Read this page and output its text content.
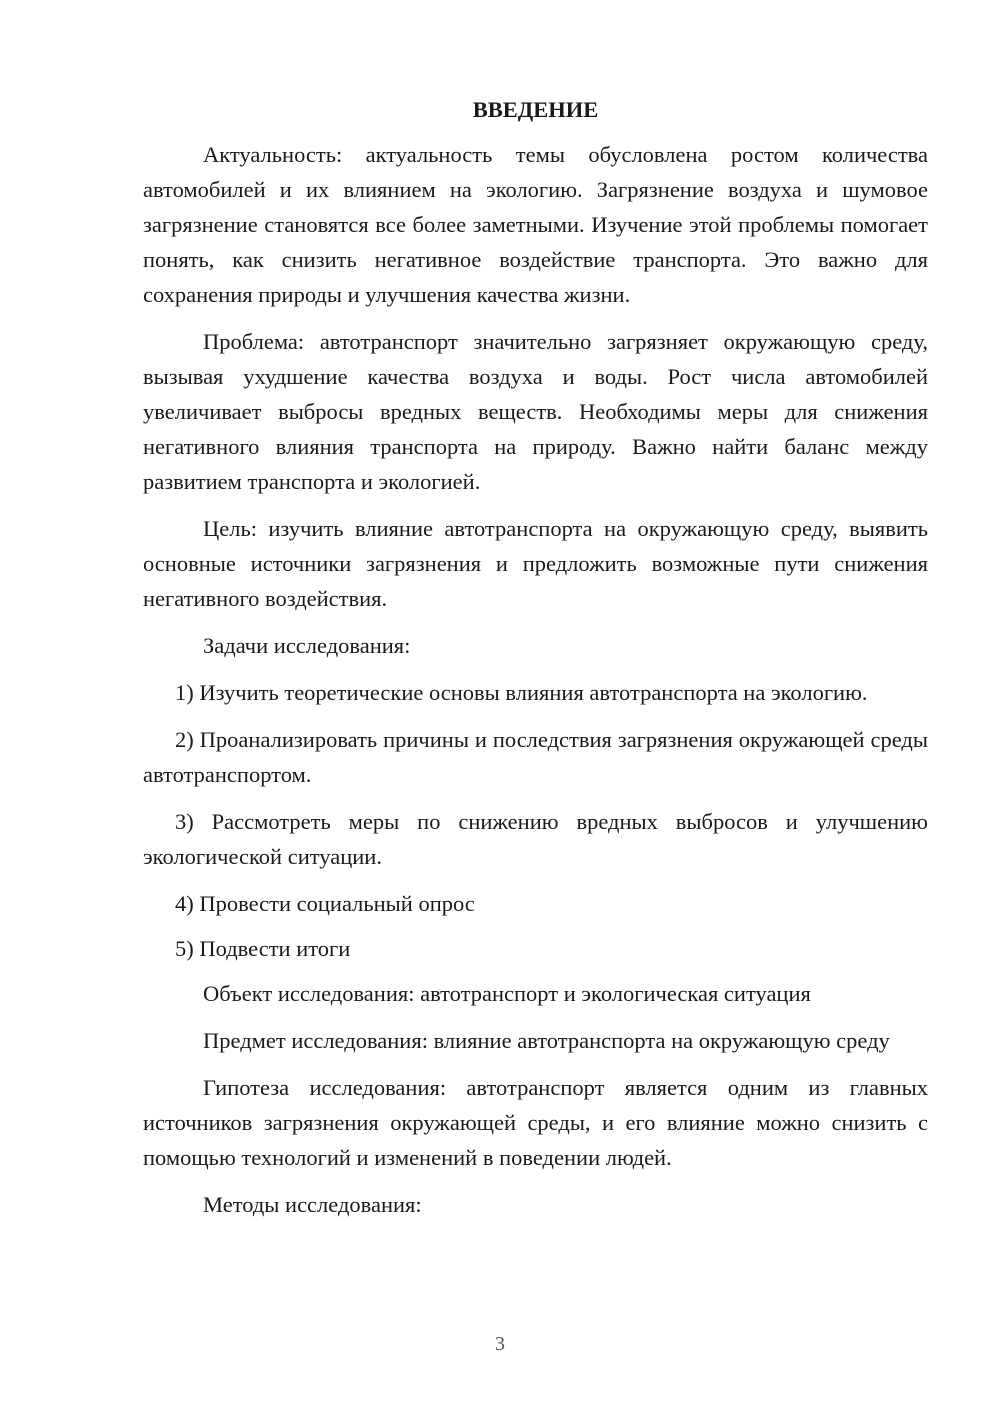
ВВЕДЕНИЕ

Актуальность: актуальность темы обусловлена ростом количества автомобилей и их влиянием на экологию. Загрязнение воздуха и шумовое загрязнение становятся все более заметными. Изучение этой проблемы помогает понять, как снизить негативное воздействие транспорта. Это важно для сохранения природы и улучшения качества жизни.

Проблема: автотранспорт значительно загрязняет окружающую среду, вызывая ухудшение качества воздуха и воды. Рост числа автомобилей увеличивает выбросы вредных веществ. Необходимы меры для снижения негативного влияния транспорта на природу. Важно найти баланс между развитием транспорта и экологией.

Цель: изучить влияние автотранспорта на окружающую среду, выявить основные источники загрязнения и предложить возможные пути снижения негативного воздействия.

Задачи исследования:

1) Изучить теоретические основы влияния автотранспорта на экологию.

2) Проанализировать причины и последствия загрязнения окружающей среды автотранспортом.

3) Рассмотреть меры по снижению вредных выбросов и улучшению экологической ситуации.

4) Провести социальный опрос

5) Подвести итоги

Объект исследования: автотранспорт и экологическая ситуация

Предмет исследования: влияние автотранспорта на окружающую среду

Гипотеза исследования: автотранспорт является одним из главных источников загрязнения окружающей среды, и его влияние можно снизить с помощью технологий и изменений в поведении людей.

Методы исследования:

3
